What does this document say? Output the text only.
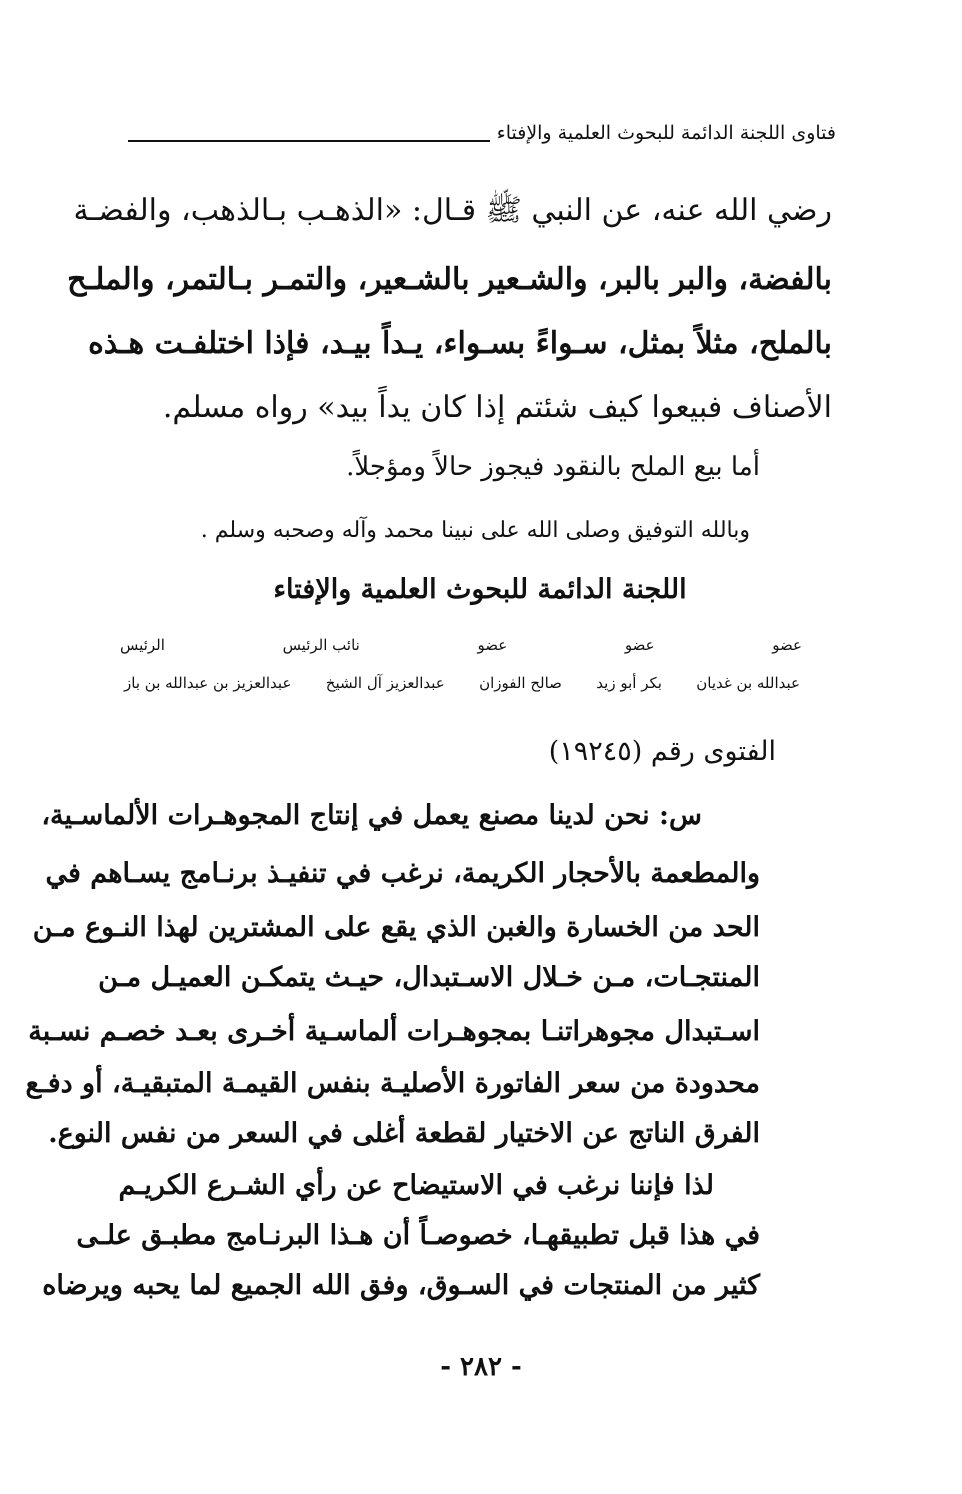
فتاوى اللجنة الدائمة للبحوث العلمية والإفتاء
رضي الله عنه، عن النبي ﷺ قـال: «الذهـب بـالذهب، والفضـة
بالفضة، والبر بالبر، والشـعير بالشـعير، والتمـر بـالتمر، والملـح
بالملح، مثلاً بمثل، سـواءً بسـواء، يـداً بيـد، فإذا اختلفـت هـذه
الأصناف فبيعوا كيف شئتم إذا كان يداً بيد» رواه مسلم.
أما بيع الملح بالنقود فيجوز حالاً ومؤجلاً.
وبالله التوفيق وصلى الله على نبينا محمد وآله وصحبه وسلم .
اللجنة الدائمة للبحوث العلمية والإفتاء
عضو
عضو
عضو
نائب الرئيس
الرئيس
عبدالله بن غديان
بكر أبو زيد
صالح الفوزان
عبدالعزيز آل الشيخ
عبدالعزيز بن عبدالله بن باز
الفتوى رقم (١٩٢٤٥)
س: نحن لدينا مصنع يعمل في إنتاج المجوهـرات الألماسـية،
والمطعمة بالأحجار الكريمة، نرغب في تنفيـذ برنـامج يسـاهم في
الحد من الخسارة والغبن الذي يقع على المشترين لهذا النـوع مـن
المنتجـات، مـن خـلال الاسـتبدال، حيـث يتمكـن العميـل مـن
اسـتبدال مجوهراتنـا بمجوهـرات ألماسـية أخـرى بعـد خصـم نسـبة
محدودة من سعر الفاتورة الأصليـة بنفس القيمـة المتبقيـة، أو دفـع
الفرق الناتج عن الاختيار لقطعة أغلى في السعر من نفس النوع.
لذا فإننا نرغب في الاستيضاح عن رأي الشـرع الكريـم
في هذا قبل تطبيقهـا، خصوصـاً أن هـذا البرنـامج مطبـق علـى
كثير من المنتجات في السـوق، وفق الله الجميع لما يحبه ويرضاه
- ٢٨٢ -
